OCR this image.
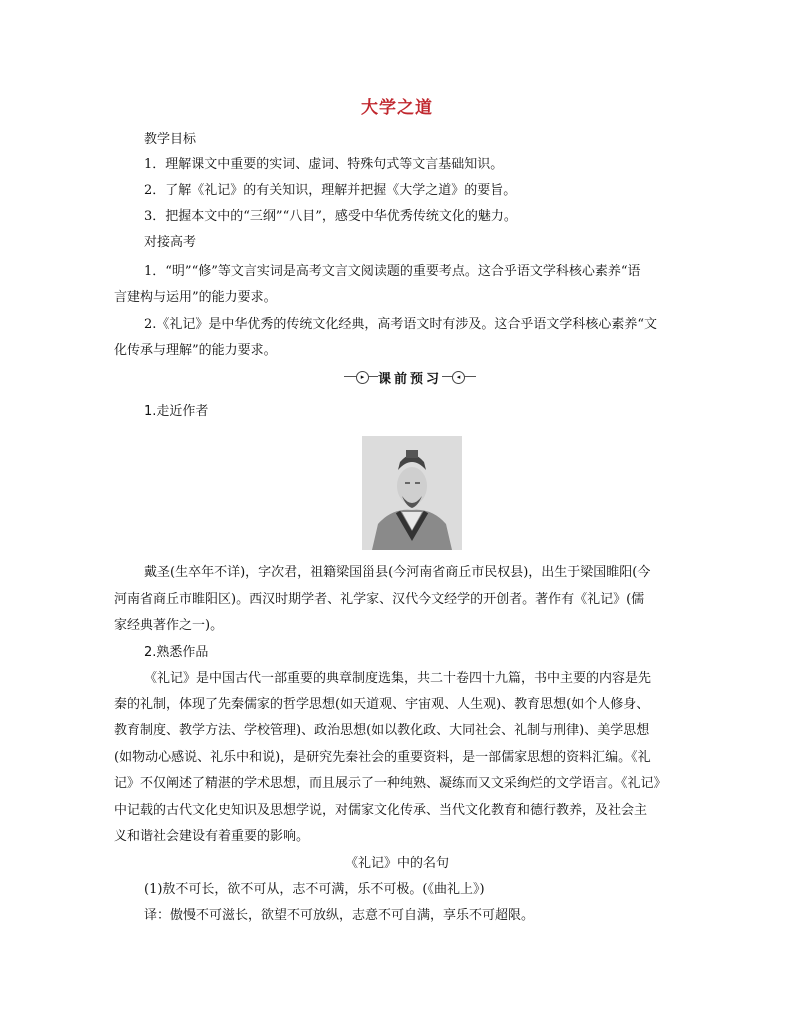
大学之道
教学目标
1．理解课文中重要的实词、虚词、特殊句式等文言基础知识。
2．了解《礼记》的有关知识，理解并把握《大学之道》的要旨。
3．把握本文中的“三纲”“八目”，感受中华优秀传统文化的魅力。
对接高考
1．“明”“修”等文言实词是高考文言文阅读题的重要考点。这合乎语文学科核心素养“语
言建构与运用”的能力要求。
2.《礼记》是中华优秀的传统文化经典，高考语文时有涉及。这合乎语文学科核心素养“文
化传承与理解”的能力要求。
▸	◂
课前预习
1.走近作者
戴圣(生卒年不详)，字次君，祖籍梁国甾县(今河南省商丘市民权县)，出生于梁国睢阳(今
河南省商丘市睢阳区)。西汉时期学者、礼学家、汉代今文经学的开创者。著作有《礼记》(儒
家经典著作之一)。
2.熟悉作品
《礼记》是中国古代一部重要的典章制度选集，共二十卷四十九篇，书中主要的内容是先
秦的礼制，体现了先秦儒家的哲学思想(如天道观、宇宙观、人生观)、教育思想(如个人修身、
教育制度、教学方法、学校管理)、政治思想(如以教化政、大同社会、礼制与刑律)、美学思想
(如物动心感说、礼乐中和说)，是研究先秦社会的重要资料，是一部儒家思想的资料汇编。《礼
记》不仅阐述了精湛的学术思想，而且展示了一种纯熟、凝练而又文采绚烂的文学语言。《礼记》
中记载的古代文化史知识及思想学说，对儒家文化传承、当代文化教育和德行教养，及社会主
义和谐社会建设有着重要的影响。
《礼记》中的名句
(1)敖不可长，欲不可从，志不可满，乐不可极。(《曲礼上》)
译：傲慢不可滋长，欲望不可放纵，志意不可自满，享乐不可超限。
